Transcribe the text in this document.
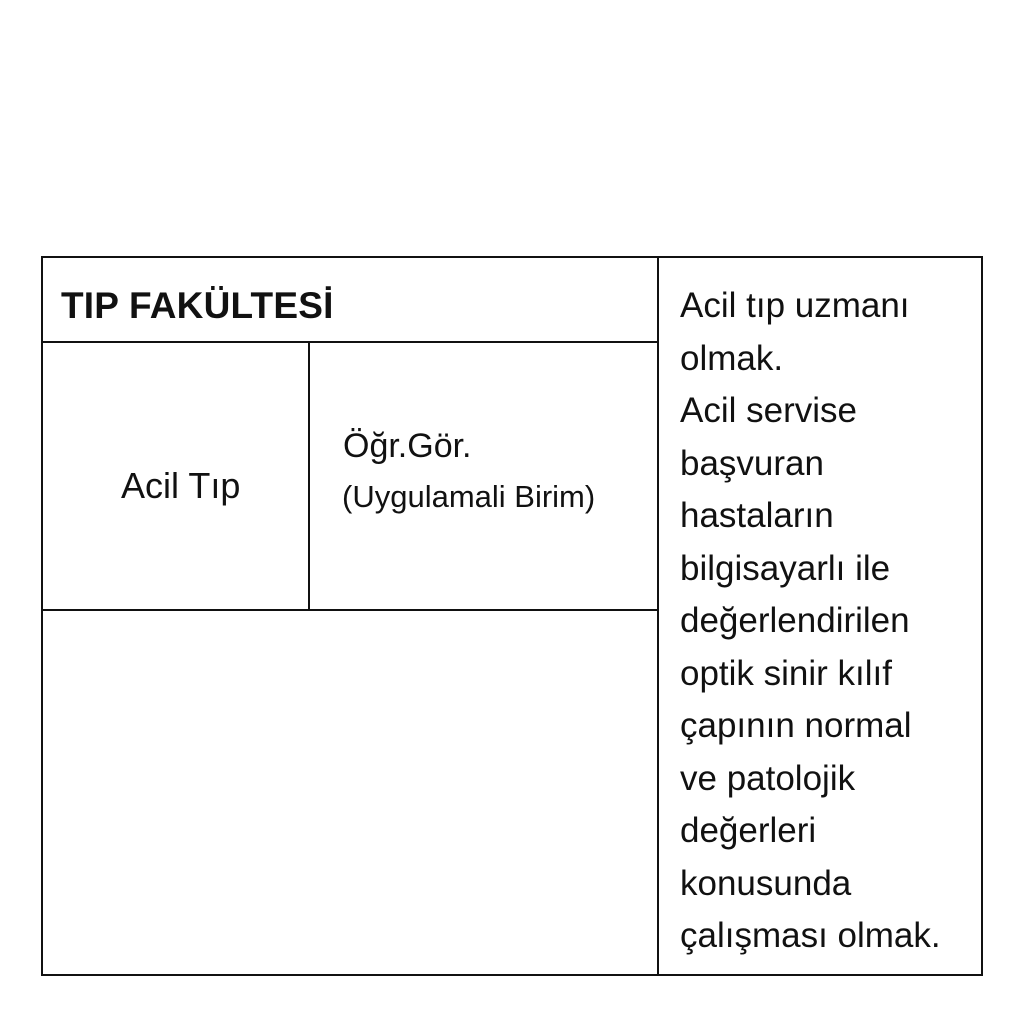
TIP FAKÜLTESİ
Acil Tıp
Öğr.Gör.
(Uygulamali Birim)
Acil tıp uzmanı
olmak.
Acil servise
başvuran
hastaların
bilgisayarlı ile
değerlendirilen
optik sinir kılıf
çapının normal
ve patolojik
değerleri
konusunda
çalışması olmak.
